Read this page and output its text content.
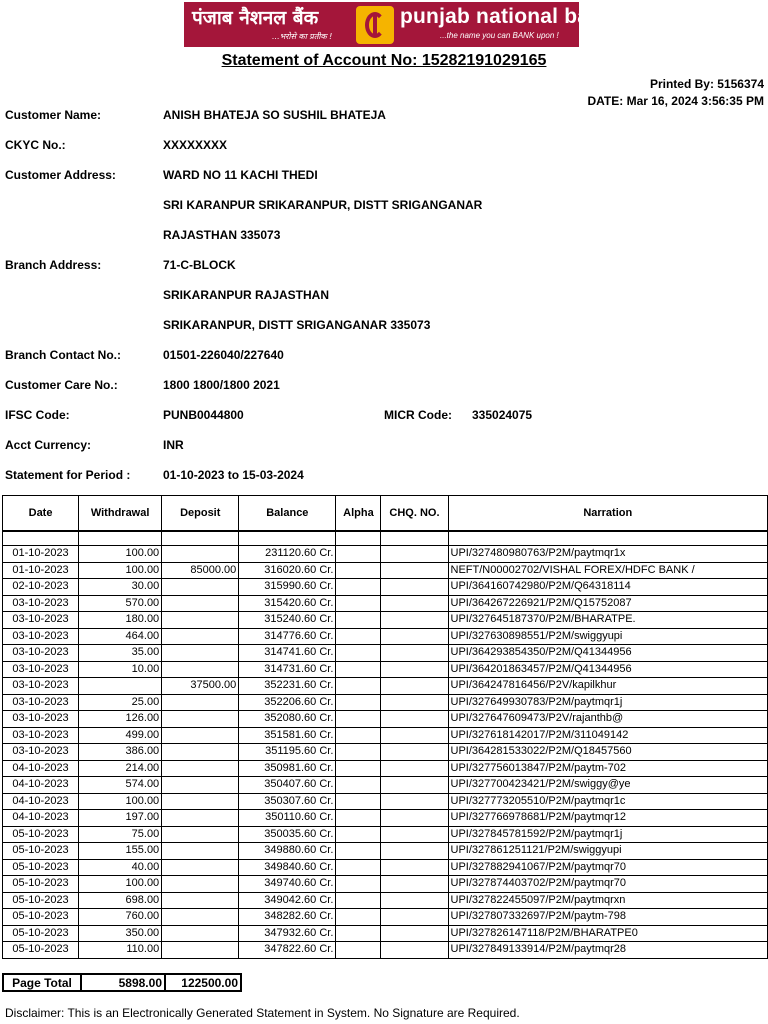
पंजाब नैशनल बैंक
...भरोसे का प्रतीक !
punjab national bank
...the name you can BANK upon !
Statement of Account No: 15282191029165
Printed By: 5156374
DATE: Mar 16, 2024 3:56:35 PM
Customer Name:	ANISH BHATEJA SO SUSHIL BHATEJA
CKYC No.:	XXXXXXXX
Customer Address:	WARD NO 11 KACHI THEDI
SRI KARANPUR SRIKARANPUR, DISTT SRIGANGANAR
RAJASTHAN 335073
Branch Address:	71-C-BLOCK
SRIKARANPUR RAJASTHAN
SRIKARANPUR, DISTT SRIGANGANAR 335073
Branch Contact No.:	01501-226040/227640
Customer Care No.:	1800 1800/1800 2021
IFSC Code:	PUNB0044800	MICR Code: 335024075
Acct Currency:	INR
Statement for Period :	01-10-2023 to 15-03-2024
Date	Withdrawal	Deposit	Balance	Alpha	CHQ. NO.	Narration

01-10-2023	100.00		231120.60 Cr.			UPI/327480980763/P2M/paytmqr1x
01-10-2023	100.00	85000.00	316020.60 Cr.			NEFT/N00002702/VISHAL FOREX/HDFC BANK /
02-10-2023	30.00		315990.60 Cr.			UPI/364160742980/P2M/Q64318114
03-10-2023	570.00		315420.60 Cr.			UPI/364267226921/P2M/Q15752087
03-10-2023	180.00		315240.60 Cr.			UPI/327645187370/P2M/BHARATPE.
03-10-2023	464.00		314776.60 Cr.			UPI/327630898551/P2M/swiggyupi
03-10-2023	35.00		314741.60 Cr.			UPI/364293854350/P2M/Q41344956
03-10-2023	10.00		314731.60 Cr.			UPI/364201863457/P2M/Q41344956
03-10-2023		37500.00	352231.60 Cr.			UPI/364247816456/P2V/kapilkhur
03-10-2023	25.00		352206.60 Cr.			UPI/327649930783/P2M/paytmqr1j
03-10-2023	126.00		352080.60 Cr.			UPI/327647609473/P2V/rajanthb@
03-10-2023	499.00		351581.60 Cr.			UPI/327618142017/P2M/311049142
03-10-2023	386.00		351195.60 Cr.			UPI/364281533022/P2M/Q18457560
04-10-2023	214.00		350981.60 Cr.			UPI/327756013847/P2M/paytm-702
04-10-2023	574.00		350407.60 Cr.			UPI/327700423421/P2M/swiggy@ye
04-10-2023	100.00		350307.60 Cr.			UPI/327773205510/P2M/paytmqr1c
04-10-2023	197.00		350110.60 Cr.			UPI/327766978681/P2M/paytmqr12
05-10-2023	75.00		350035.60 Cr.			UPI/327845781592/P2M/paytmqr1j
05-10-2023	155.00		349880.60 Cr.			UPI/327861251121/P2M/swiggyupi
05-10-2023	40.00		349840.60 Cr.			UPI/327882941067/P2M/paytmqr70
05-10-2023	100.00		349740.60 Cr.			UPI/327874403702/P2M/paytmqr70
05-10-2023	698.00		349042.60 Cr.			UPI/327822455097/P2M/paytmqrxn
05-10-2023	760.00		348282.60 Cr.			UPI/327807332697/P2M/paytm-798
05-10-2023	350.00		347932.60 Cr.			UPI/327826147118/P2M/BHARATPE0
05-10-2023	110.00		347822.60 Cr.			UPI/327849133914/P2M/paytmqr28
Page Total	5898.00	122500.00
Disclaimer: This is an Electronically Generated Statement in System. No Signature are Required.
